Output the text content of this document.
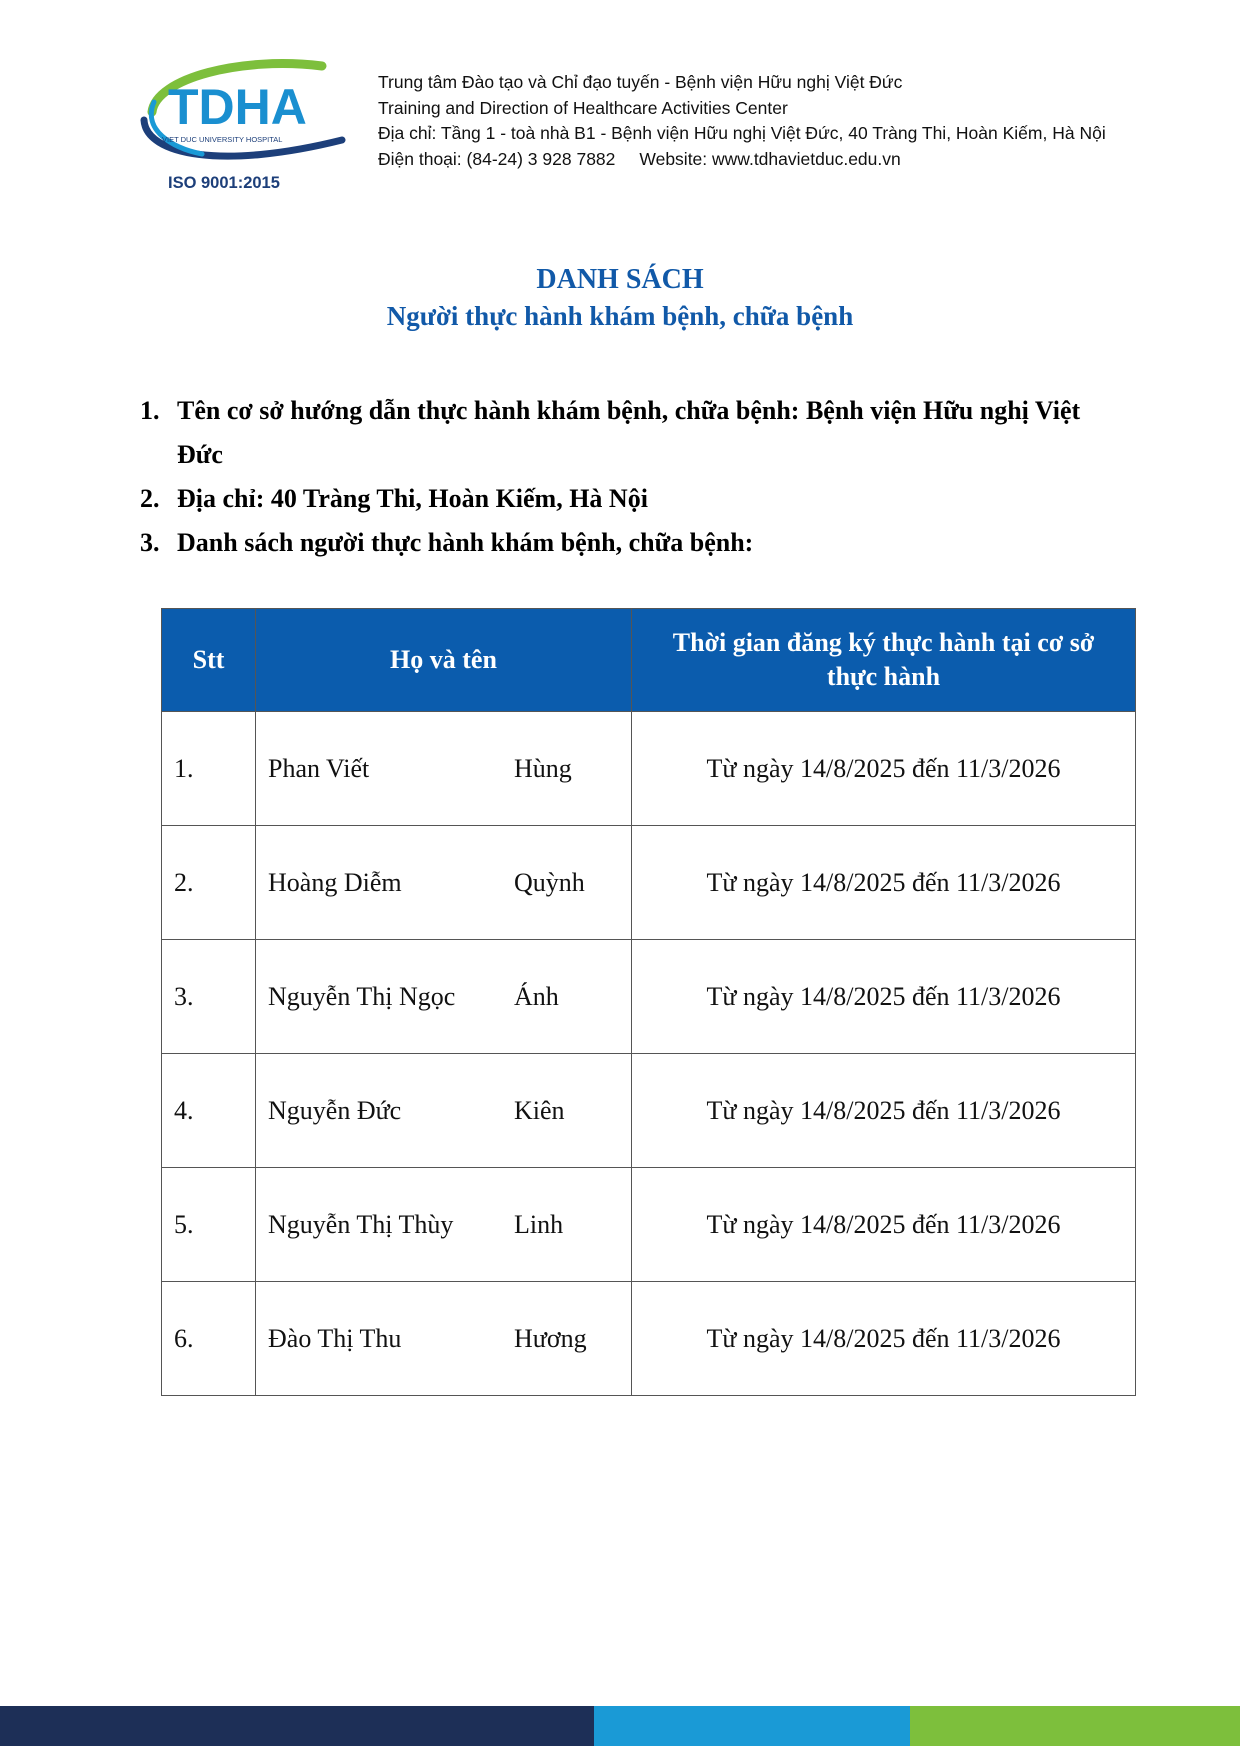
TDHA
VIET DUC UNIVERSITY HOSPITAL
ISO 9001:2015
Trung tâm Đào tạo và Chỉ đạo tuyến - Bệnh viện Hữu nghị Việt Đức
Training and Direction of Healthcare Activities Center
Địa chỉ: Tầng 1 - toà nhà B1 - Bệnh viện Hữu nghị Việt Đức, 40 Tràng Thi, Hoàn Kiếm, Hà Nội
Điện thoại: (84-24) 3 928 7882 Website: www.tdhavietduc.edu.vn
DANH SÁCH
Người thực hành khám bệnh, chữa bệnh
1. Tên cơ sở hướng dẫn thực hành khám bệnh, chữa bệnh: Bệnh viện Hữu nghị Việt Đức
2. Địa chỉ: 40 Tràng Thi, Hoàn Kiếm, Hà Nội
3. Danh sách người thực hành khám bệnh, chữa bệnh:
Stt	Họ và tên	Thời gian đăng ký thực hành tại cơ sở thực hành
1.	Phan Viết Hùng	Từ ngày 14/8/2025 đến 11/3/2026
2.	Hoàng Diễm Quỳnh	Từ ngày 14/8/2025 đến 11/3/2026
3.	Nguyễn Thị Ngọc Ánh	Từ ngày 14/8/2025 đến 11/3/2026
4.	Nguyễn Đức Kiên	Từ ngày 14/8/2025 đến 11/3/2026
5.	Nguyễn Thị Thùy Linh	Từ ngày 14/8/2025 đến 11/3/2026
6.	Đào Thị Thu Hương	Từ ngày 14/8/2025 đến 11/3/2026
